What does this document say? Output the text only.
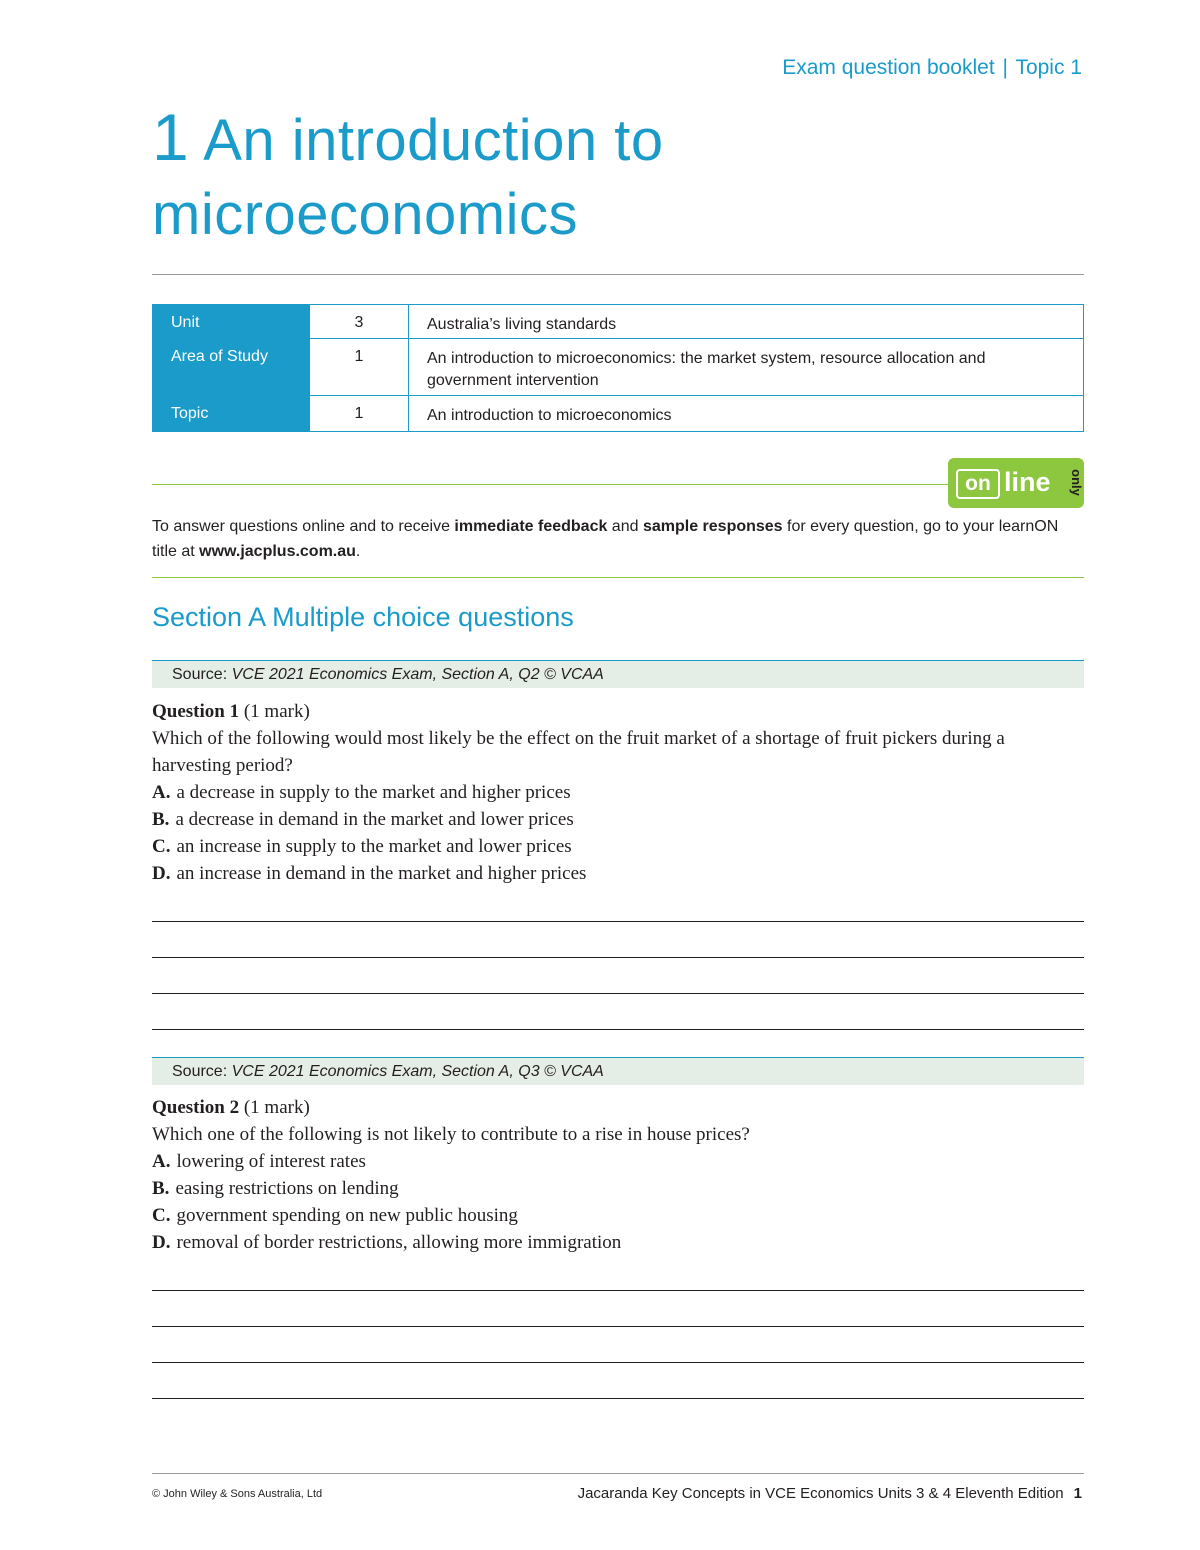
Exam question booklet | Topic 1
1 An introduction to microeconomics
Unit	3	Australia’s living standards
Area of Study	1	An introduction to microeconomics: the market system, resource allocation and government intervention
Topic	1	An introduction to microeconomics
on line only
To answer questions online and to receive immediate feedback and sample responses for every question, go to your learnON title at www.jacplus.com.au.
Section A Multiple choice questions
Source: VCE 2021 Economics Exam, Section A, Q2 © VCAA
Question 1 (1 mark)
Which of the following would most likely be the effect on the fruit market of a shortage of fruit pickers during a harvesting period?
A. a decrease in supply to the market and higher prices
B. a decrease in demand in the market and lower prices
C. an increase in supply to the market and lower prices
D. an increase in demand in the market and higher prices
Source: VCE 2021 Economics Exam, Section A, Q3 © VCAA
Question 2 (1 mark)
Which one of the following is not likely to contribute to a rise in house prices?
A. lowering of interest rates
B. easing restrictions on lending
C. government spending on new public housing
D. removal of border restrictions, allowing more immigration
© John Wiley & Sons Australia, Ltd	Jacaranda Key Concepts in VCE Economics Units 3 & 4 Eleventh Edition 1
